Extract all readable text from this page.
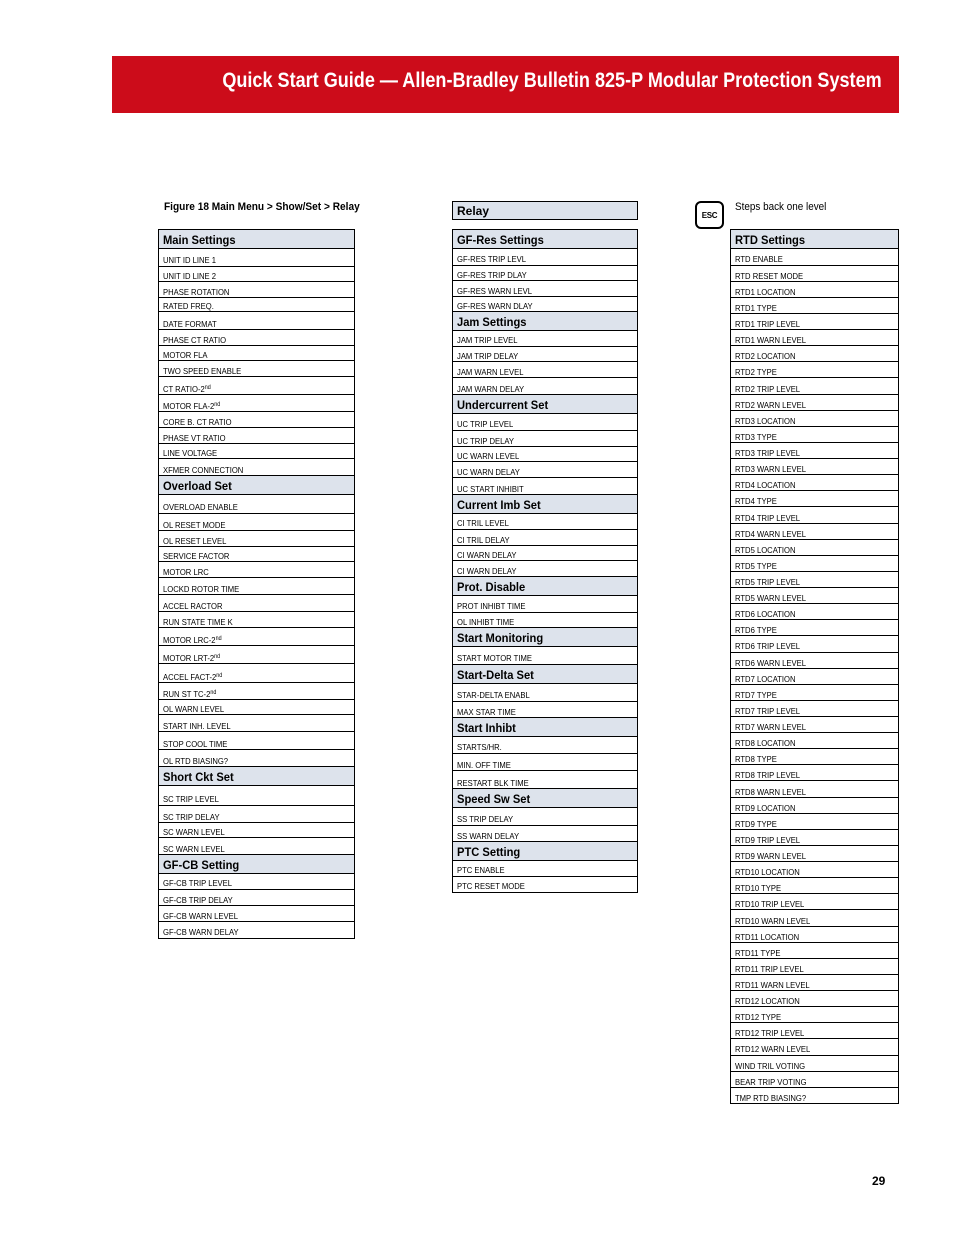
Quick Start Guide — Allen-Bradley Bulletin 825-P Modular Protection System
Figure 18 Main Menu > Show/Set > Relay	Relay	ESC
Steps back one level
Main Settings
UNIT ID LINE 1
UNIT ID LINE 2
PHASE ROTATION
RATED FREQ.
DATE FORMAT
PHASE CT RATIO
MOTOR FLA
TWO SPEED ENABLE
CT RATIO-2nd
MOTOR FLA-2nd
CORE B. CT RATIO
PHASE VT RATIO
LINE VOLTAGE
XFMER CONNECTION
Overload Set
OVERLOAD ENABLE
OL RESET MODE
OL RESET LEVEL
SERVICE FACTOR
MOTOR LRC
LOCKD ROTOR TIME
ACCEL RACTOR
RUN STATE TIME K
MOTOR LRC-2nd
MOTOR LRT-2nd
ACCEL FACT-2nd
RUN ST TC-2nd
OL WARN LEVEL
START INH. LEVEL
STOP COOL TIME
OL RTD BIASING?
Short Ckt Set
SC TRIP LEVEL
SC TRIP DELAY
SC WARN LEVEL
SC WARN LEVEL
GF-CB Setting
GF-CB TRIP LEVEL
GF-CB TRIP DELAY
GF-CB WARN LEVEL
GF-CB WARN DELAY
GF-Res Settings
GF-RES TRIP LEVL
GF-RES TRIP DLAY
GF-RES WARN LEVL
GF-RES WARN DLAY
Jam Settings
JAM TRIP LEVEL
JAM TRIP DELAY
JAM WARN LEVEL
JAM WARN DELAY
Undercurrent Set
UC TRIP LEVEL
UC TRIP DELAY
UC WARN LEVEL
UC WARN DELAY
UC START INHIBIT
Current Imb Set
CI TRIL LEVEL
CI TRIL DELAY
CI WARN DELAY
CI WARN DELAY
Prot. Disable
PROT INHIBT TIME
OL INHIBT TIME
Start Monitoring
START MOTOR TIME
Start-Delta Set
STAR-DELTA ENABL
MAX STAR TIME
Start Inhibt
STARTS/HR.
MIN. OFF TIME
RESTART BLK TIME
Speed Sw Set
SS TRIP DELAY
SS WARN DELAY
PTC Setting
PTC ENABLE
PTC RESET MODE
RTD Settings
RTD ENABLE
RTD RESET MODE
RTD1 LOCATION
RTD1 TYPE
RTD1 TRIP LEVEL
RTD1 WARN LEVEL
RTD2 LOCATION
RTD2 TYPE
RTD2 TRIP LEVEL
RTD2 WARN LEVEL
RTD3 LOCATION
RTD3 TYPE
RTD3 TRIP LEVEL
RTD3 WARN LEVEL
RTD4 LOCATION
RTD4 TYPE
RTD4 TRIP LEVEL
RTD4 WARN LEVEL
RTD5 LOCATION
RTD5 TYPE
RTD5 TRIP LEVEL
RTD5 WARN LEVEL
RTD6 LOCATION
RTD6 TYPE
RTD6 TRIP LEVEL
RTD6 WARN LEVEL
RTD7 LOCATION
RTD7 TYPE
RTD7 TRIP LEVEL
RTD7 WARN LEVEL
RTD8 LOCATION
RTD8 TYPE
RTD8 TRIP LEVEL
RTD8 WARN LEVEL
RTD9 LOCATION
RTD9 TYPE
RTD9 TRIP LEVEL
RTD9 WARN LEVEL
RTD10 LOCATION
RTD10 TYPE
RTD10 TRIP LEVEL
RTD10 WARN LEVEL
RTD11 LOCATION
RTD11 TYPE
RTD11 TRIP LEVEL
RTD11 WARN LEVEL
RTD12 LOCATION
RTD12 TYPE
RTD12 TRIP LEVEL
RTD12 WARN LEVEL
WIND TRIL VOTING
BEAR TRIP VOTING
TMP RTD BIASING?
29
